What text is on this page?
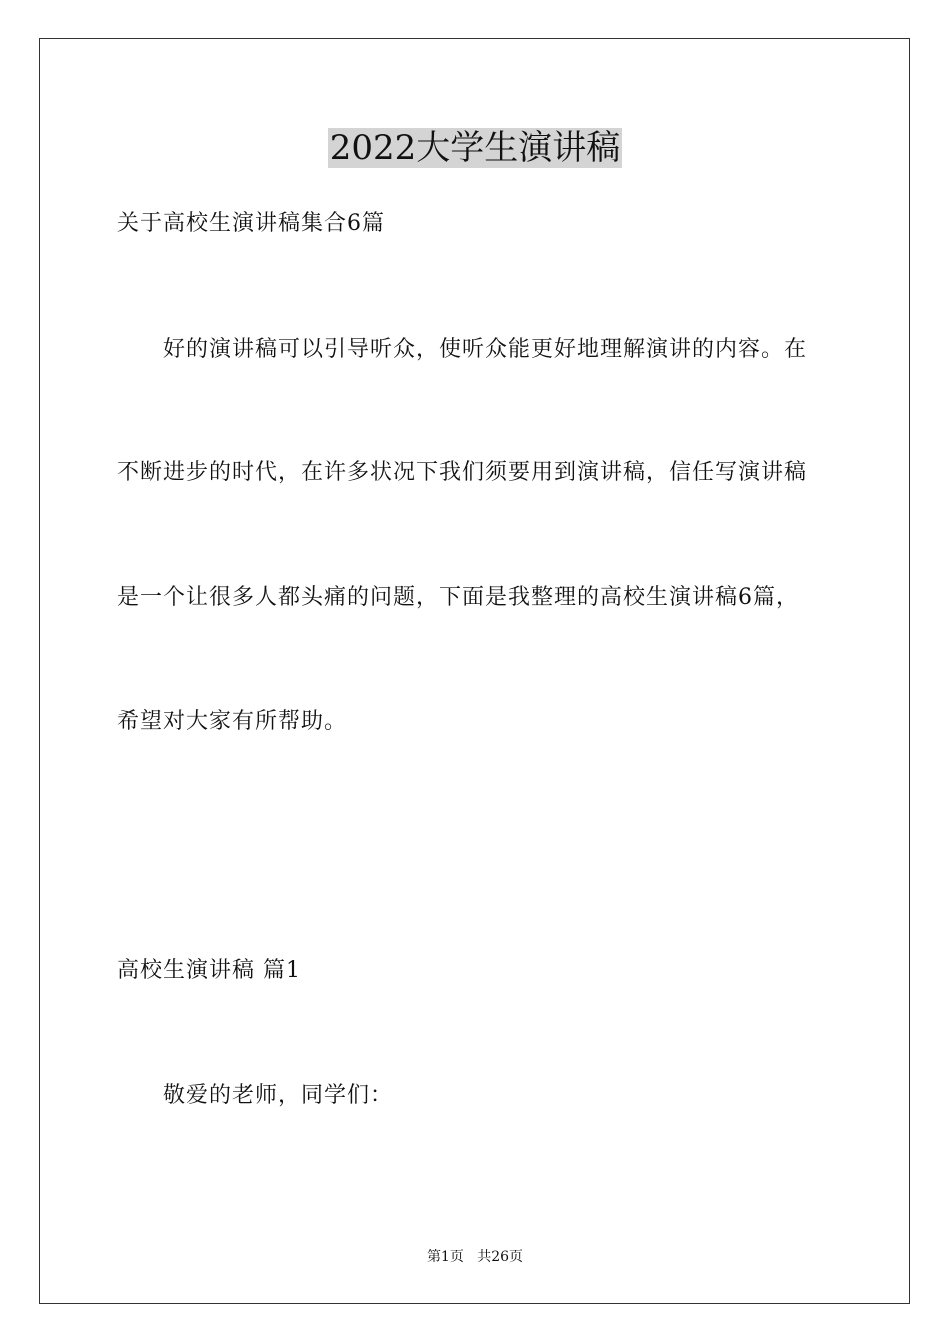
2022大学生演讲稿
关于高校生演讲稿集合6篇
好的演讲稿可以引导听众，使听众能更好地理解演讲的内容。在
不断进步的时代，在许多状况下我们须要用到演讲稿，信任写演讲稿
是一个让很多人都头痛的问题，下面是我整理的高校生演讲稿6篇，
希望对大家有所帮助。
高校生演讲稿 篇1
敬爱的老师，同学们：
第1页 共26页
